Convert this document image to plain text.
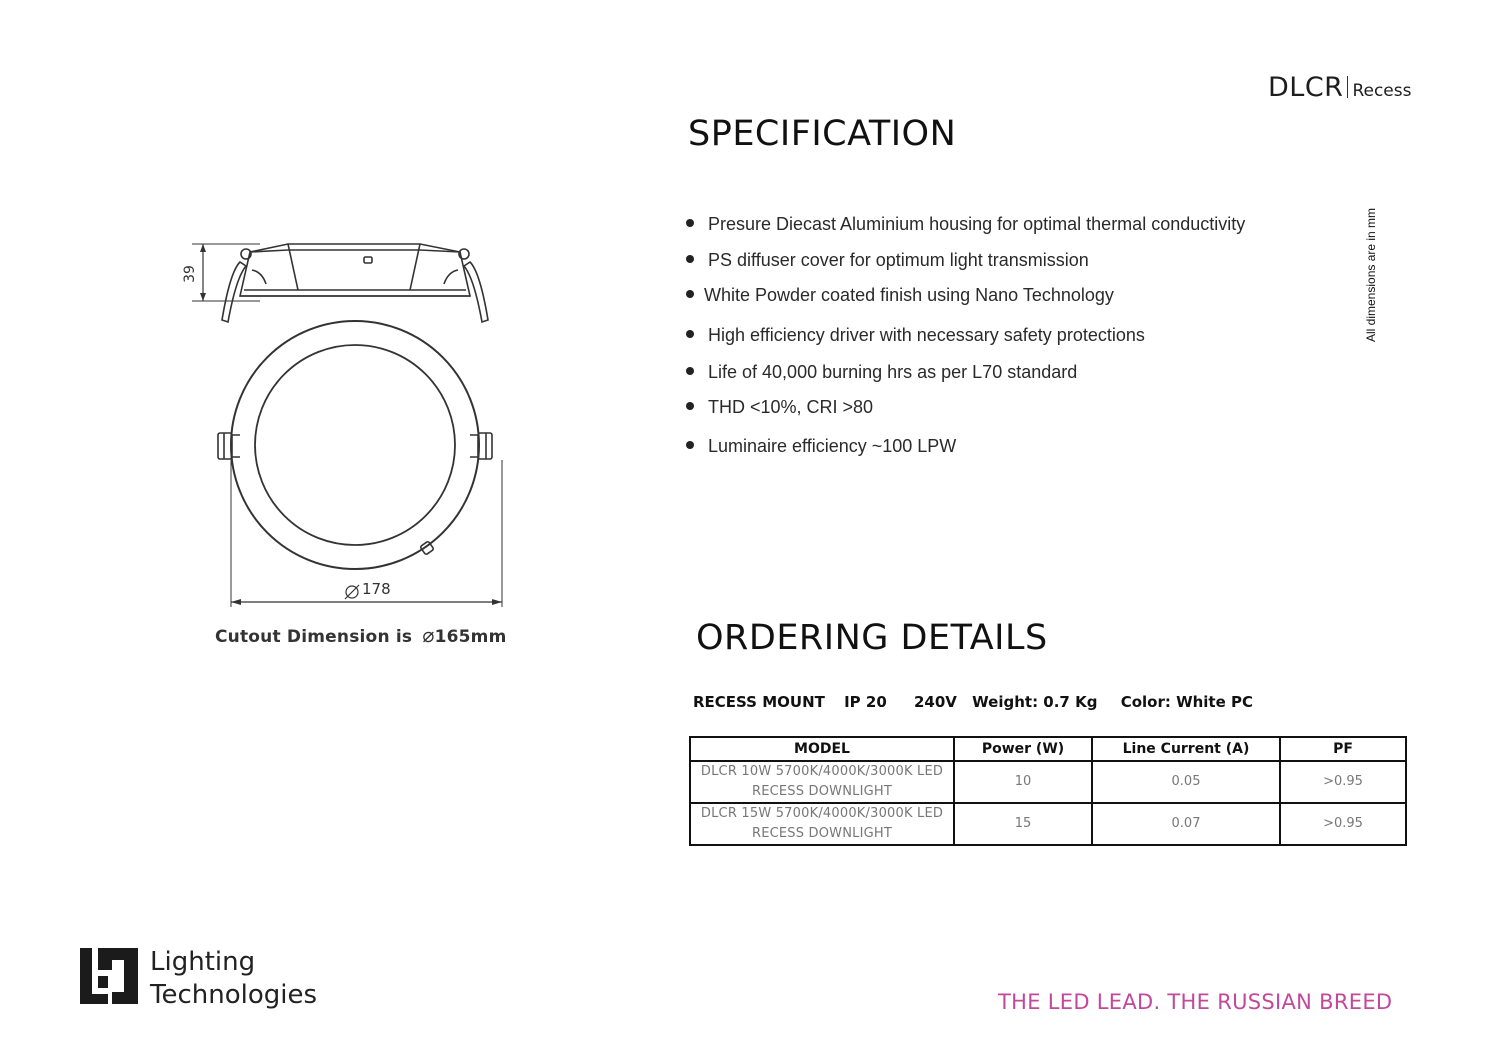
DLCR Recess
SPECIFICATION
Presure Diecast Aluminium housing for optimal thermal conductivity
PS diffuser cover for optimum light transmission
White Powder coated finish using Nano Technology
High efficiency driver with necessary safety protections
Life of 40,000 burning hrs as per L70 standard
THD <10%, CRI >80
Luminaire efficiency ~100 LPW
All dimensions are in mm
39
178
Cutout Dimension is ⌀165mm	ORDERING DETAILS
RECESS MOUNT IP 20 240V Weight: 0.7 Kg Color: White PC
MODEL	Power (W)	Line Current (A)	PF

DLCR 10W 5700K/4000K/3000K LED
RECESS DOWNLIGHT	10	0.05	>0.95

DLCR 15W 5700K/4000K/3000K LED
RECESS DOWNLIGHT	15	0.07	>0.95
Lighting
Technologies	THE LED LEAD. THE RUSSIAN BREED
